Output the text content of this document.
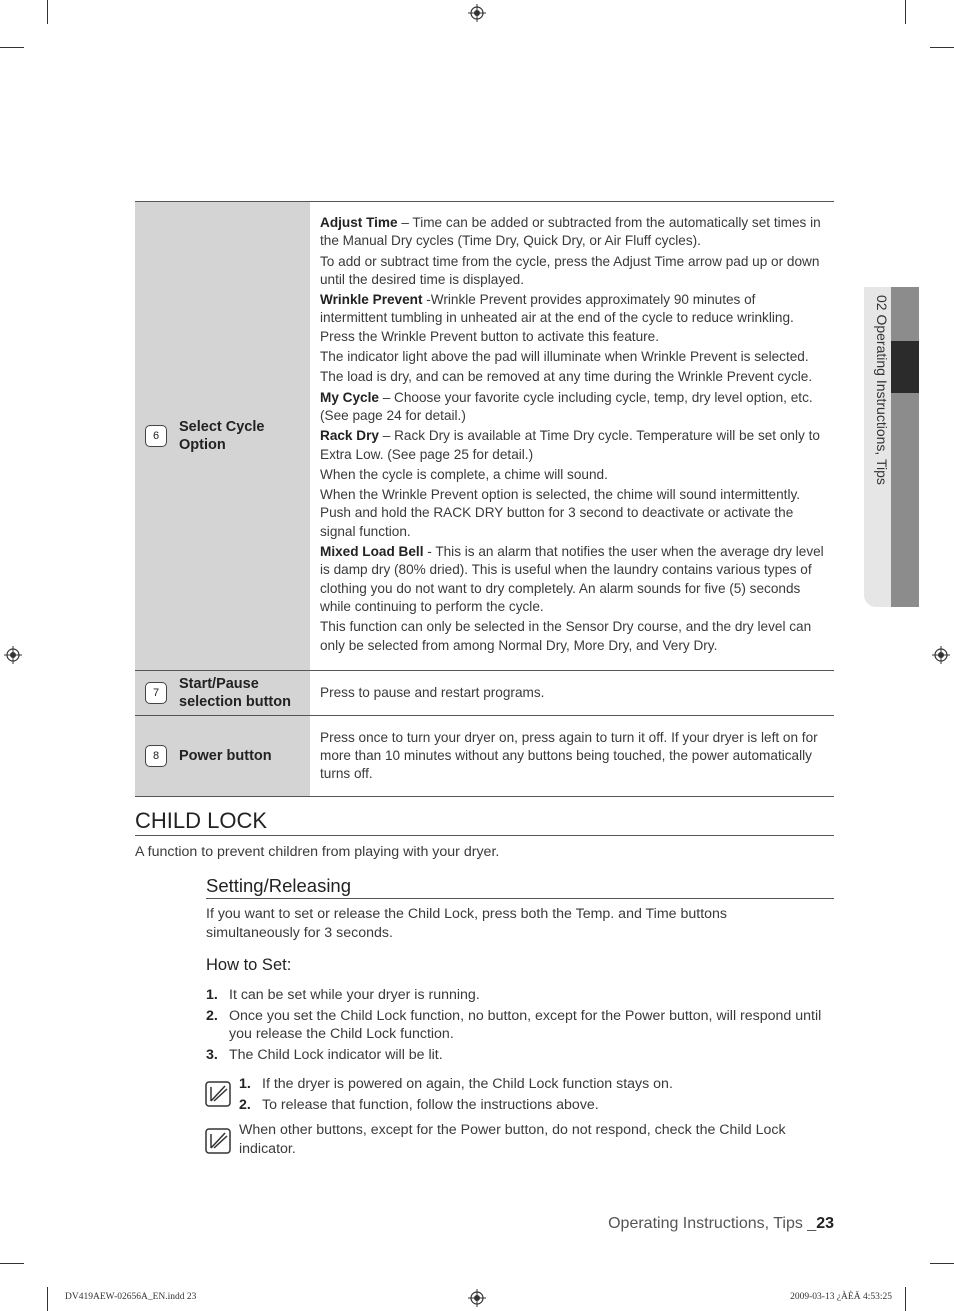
02 Operating Instructions, Tips
6
Select Cycle Option

Adjust Time – Time can be added or subtracted from the automatically set times in the Manual Dry cycles (Time Dry, Quick Dry, or Air Fluff cycles).

To add or subtract time from the cycle, press the Adjust Time arrow pad up or down until the desired time is displayed.

Wrinkle Prevent -Wrinkle Prevent provides approximately 90 minutes of intermittent tumbling in unheated air at the end of the cycle to reduce wrinkling. Press the Wrinkle Prevent button to activate this feature.

The indicator light above the pad will illuminate when Wrinkle Prevent is selected.

The load is dry, and can be removed at any time during the Wrinkle Prevent cycle.

My Cycle – Choose your favorite cycle including cycle, temp, dry level option, etc. (See page 24 for detail.)

Rack Dry – Rack Dry is available at Time Dry cycle. Temperature will be set only to Extra Low. (See page 25 for detail.)

When the cycle is complete, a chime will sound.

When the Wrinkle Prevent option is selected, the chime will sound intermittently. Push and hold the RACK DRY button for 3 second to deactivate or activate the signal function.

Mixed Load Bell - This is an alarm that notifies the user when the average dry level is damp dry (80% dried). This is useful when the laundry contains various types of clothing you do not want to dry completely. An alarm sounds for five (5) seconds while continuing to perform the cycle.

This function can only be selected in the Sensor Dry course, and the dry level can only be selected from among Normal Dry, More Dry, and Very Dry.

7
Start/Pause selection button

Press to pause and restart programs.

8	Power button

Press once to turn your dryer on, press again to turn it off. If your dryer is left on for more than 10 minutes without any buttons being touched, the power automatically turns off.

CHILD LOCK
A function to prevent children from playing with your dryer.
Setting/Releasing
If you want to set or release the Child Lock, press both the Temp. and Time buttons simultaneously for 3 seconds.
How to Set:
1. It can be set while your dryer is running.
2. Once you set the Child Lock function, no button, except for the Power button, will respond until you release the Child Lock function.
3. The Child Lock indicator will be lit.
1. If the dryer is powered on again, the Child Lock function stays on.
2. To release that function, follow the instructions above.
When other buttons, except for the Power button, do not respond, check the Child Lock indicator.
Operating Instructions, Tips _23
DV419AEW-02656A_EN.indd 23	2009-03-13 ¿ÀÈÄ 4:53:25
